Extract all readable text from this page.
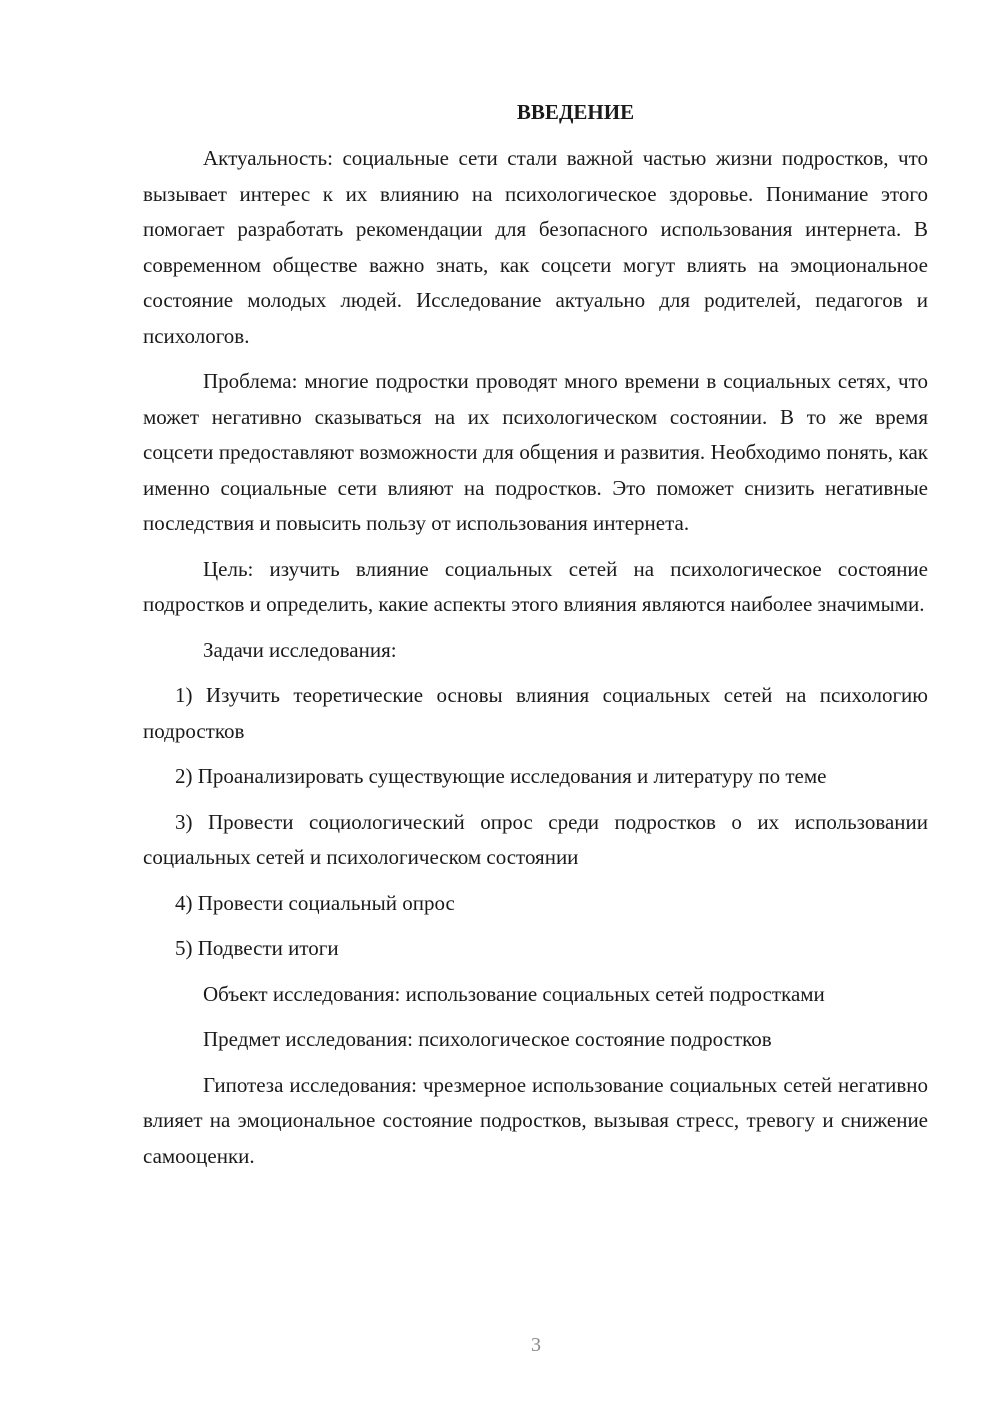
ВВЕДЕНИЕ

Актуальность: социальные сети стали важной частью жизни подростков, что вызывает интерес к их влиянию на психологическое здоровье. Понимание этого помогает разработать рекомендации для безопасного использования интернета. В современном обществе важно знать, как соцсети могут влиять на эмоциональное состояние молодых людей. Исследование актуально для родителей, педагогов и психологов.

Проблема: многие подростки проводят много времени в социальных сетях, что может негативно сказываться на их психологическом состоянии. В то же время соцсети предоставляют возможности для общения и развития. Необходимо понять, как именно социальные сети влияют на подростков. Это поможет снизить негативные последствия и повысить пользу от использования интернета.

Цель: изучить влияние социальных сетей на психологическое состояние подростков и определить, какие аспекты этого влияния являются наиболее значимыми.

Задачи исследования:

1) Изучить теоретические основы влияния социальных сетей на психологию подростков

2) Проанализировать существующие исследования и литературу по теме

3) Провести социологический опрос среди подростков о их использовании социальных сетей и психологическом состоянии

4) Провести социальный опрос

5) Подвести итоги

Объект исследования: использование социальных сетей подростками

Предмет исследования: психологическое состояние подростков

Гипотеза исследования: чрезмерное использование социальных сетей негативно влияет на эмоциональное состояние подростков, вызывая стресс, тревогу и снижение самооценки.

3
